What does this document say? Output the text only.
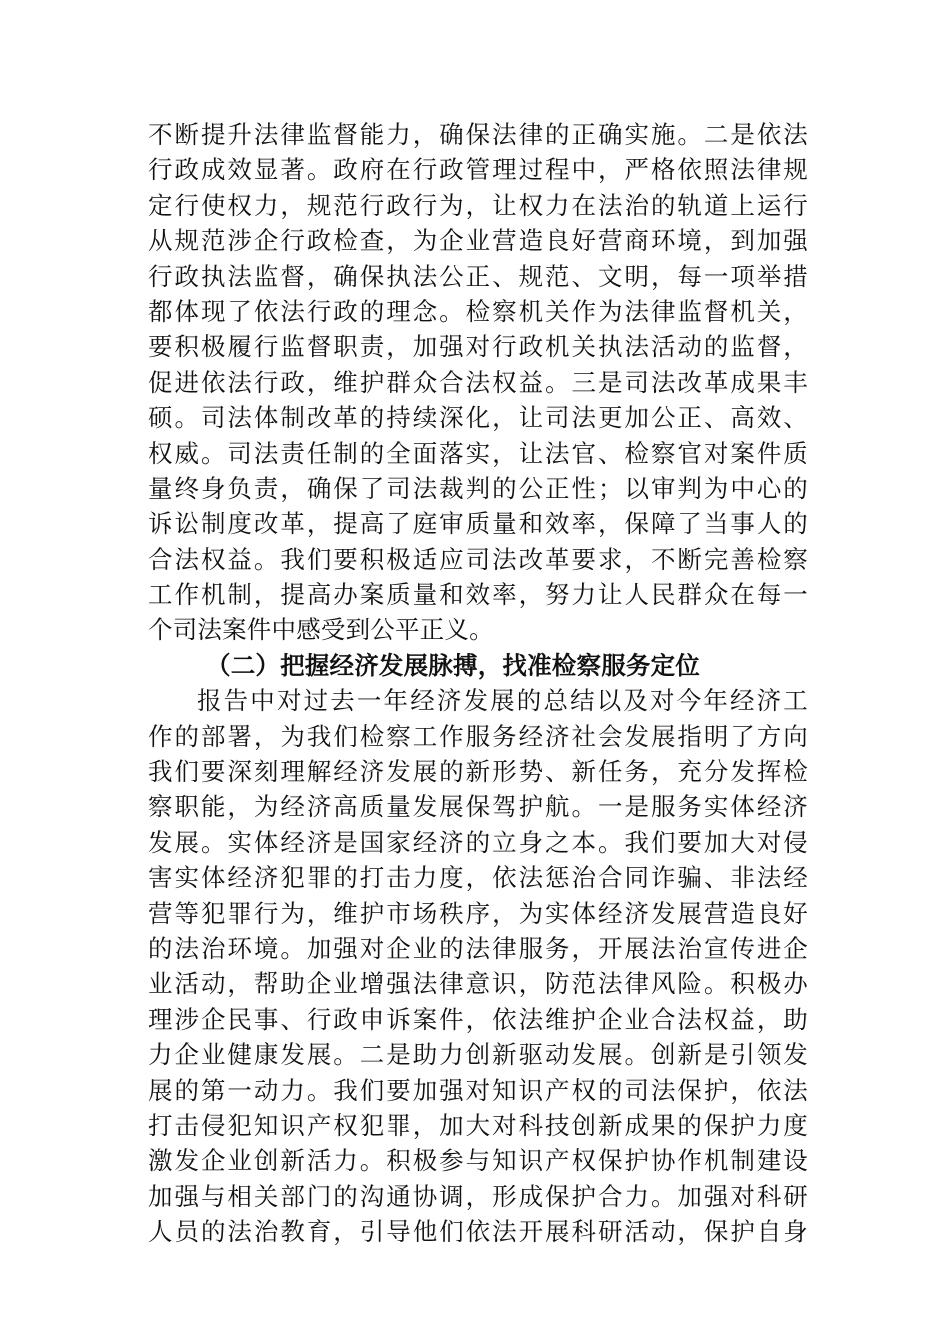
不断提升法律监督能力，确保法律的正确实施。二是依法
行政成效显著。政府在行政管理过程中，严格依照法律规
定行使权力，规范行政行为，让权力在法治的轨道上运行
从规范涉企行政检查，为企业营造良好营商环境，到加强
行政执法监督，确保执法公正、规范、文明，每一项举措
都体现了依法行政的理念。检察机关作为法律监督机关，
要积极履行监督职责，加强对行政机关执法活动的监督，
促进依法行政，维护群众合法权益。三是司法改革成果丰
硕。司法体制改革的持续深化，让司法更加公正、高效、
权威。司法责任制的全面落实，让法官、检察官对案件质
量终身负责，确保了司法裁判的公正性；以审判为中心的
诉讼制度改革，提高了庭审质量和效率，保障了当事人的
合法权益。我们要积极适应司法改革要求，不断完善检察
工作机制，提高办案质量和效率，努力让人民群众在每一
个司法案件中感受到公平正义。
（二）把握经济发展脉搏，找准检察服务定位
报告中对过去一年经济发展的总结以及对今年经济工
作的部署，为我们检察工作服务经济社会发展指明了方向
我们要深刻理解经济发展的新形势、新任务，充分发挥检
察职能，为经济高质量发展保驾护航。一是服务实体经济
发展。实体经济是国家经济的立身之本。我们要加大对侵
害实体经济犯罪的打击力度，依法惩治合同诈骗、非法经
营等犯罪行为，维护市场秩序，为实体经济发展营造良好
的法治环境。加强对企业的法律服务，开展法治宣传进企
业活动，帮助企业增强法律意识，防范法律风险。积极办
理涉企民事、行政申诉案件，依法维护企业合法权益，助
力企业健康发展。二是助力创新驱动发展。创新是引领发
展的第一动力。我们要加强对知识产权的司法保护，依法
打击侵犯知识产权犯罪，加大对科技创新成果的保护力度
激发企业创新活力。积极参与知识产权保护协作机制建设
加强与相关部门的沟通协调，形成保护合力。加强对科研
人员的法治教育，引导他们依法开展科研活动，保护自身
